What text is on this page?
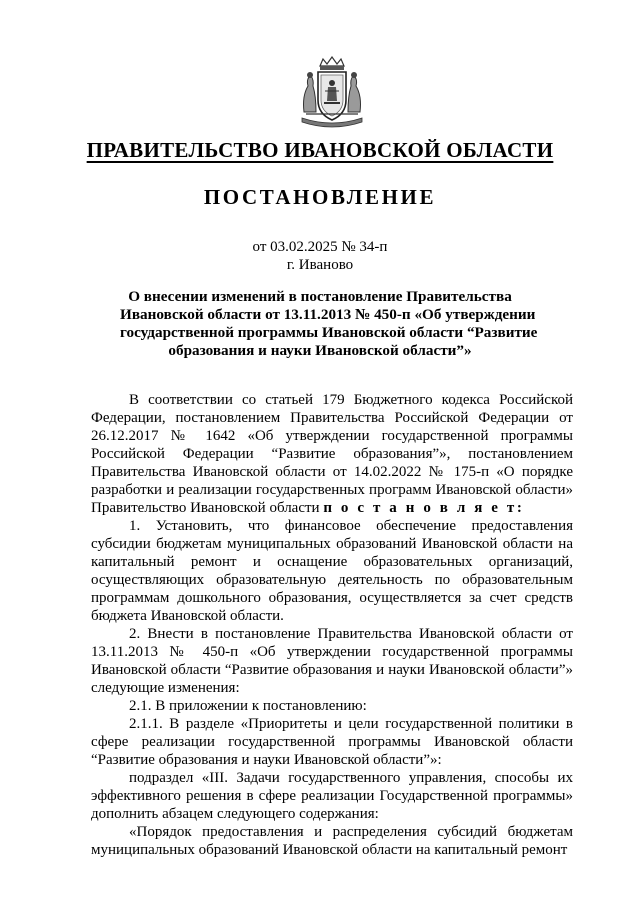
ПРАВИТЕЛЬСТВО ИВАНОВСКОЙ ОБЛАСТИ
ПОСТАНОВЛЕНИЕ
от 03.02.2025 № 34-п
г. Иваново
О внесении изменений в постановление Правительства
Ивановской области от 13.11.2013 № 450-п «Об утверждении
государственной программы Ивановской области “Развитие
образования и науки Ивановской области”»

В соответствии со статьей 179 Бюджетного кодекса Российской Федерации, постановлением Правительства Российской Федерации от 26.12.2017 № 1642 «Об утверждении государственной программы Российской Федерации “Развитие образования”», постановлением Правительства Ивановской области от 14.02.2022 № 175-п «О порядке разработки и реализации государственных программ Ивановской области» Правительство Ивановской области п о с т а н о в л я е т:

1. Установить, что финансовое обеспечение предоставления субсидии бюджетам муниципальных образований Ивановской области на капитальный ремонт и оснащение образовательных организаций, осуществляющих образовательную деятельность по образовательным программам дошкольного образования, осуществляется за счет средств бюджета Ивановской области.

2. Внести в постановление Правительства Ивановской области от 13.11.2013 № 450-п «Об утверждении государственной программы Ивановской области “Развитие образования и науки Ивановской области”» следующие изменения:

2.1. В приложении к постановлению:

2.1.1. В разделе «Приоритеты и цели государственной политики в сфере реализации государственной программы Ивановской области “Развитие образования и науки Ивановской области”»:

подраздел «III. Задачи государственного управления, способы их эффективного решения в сфере реализации Государственной программы» дополнить абзацем следующего содержания:

«Порядок предоставления и распределения субсидий бюджетам муниципальных образований Ивановской области на капитальный ремонт
